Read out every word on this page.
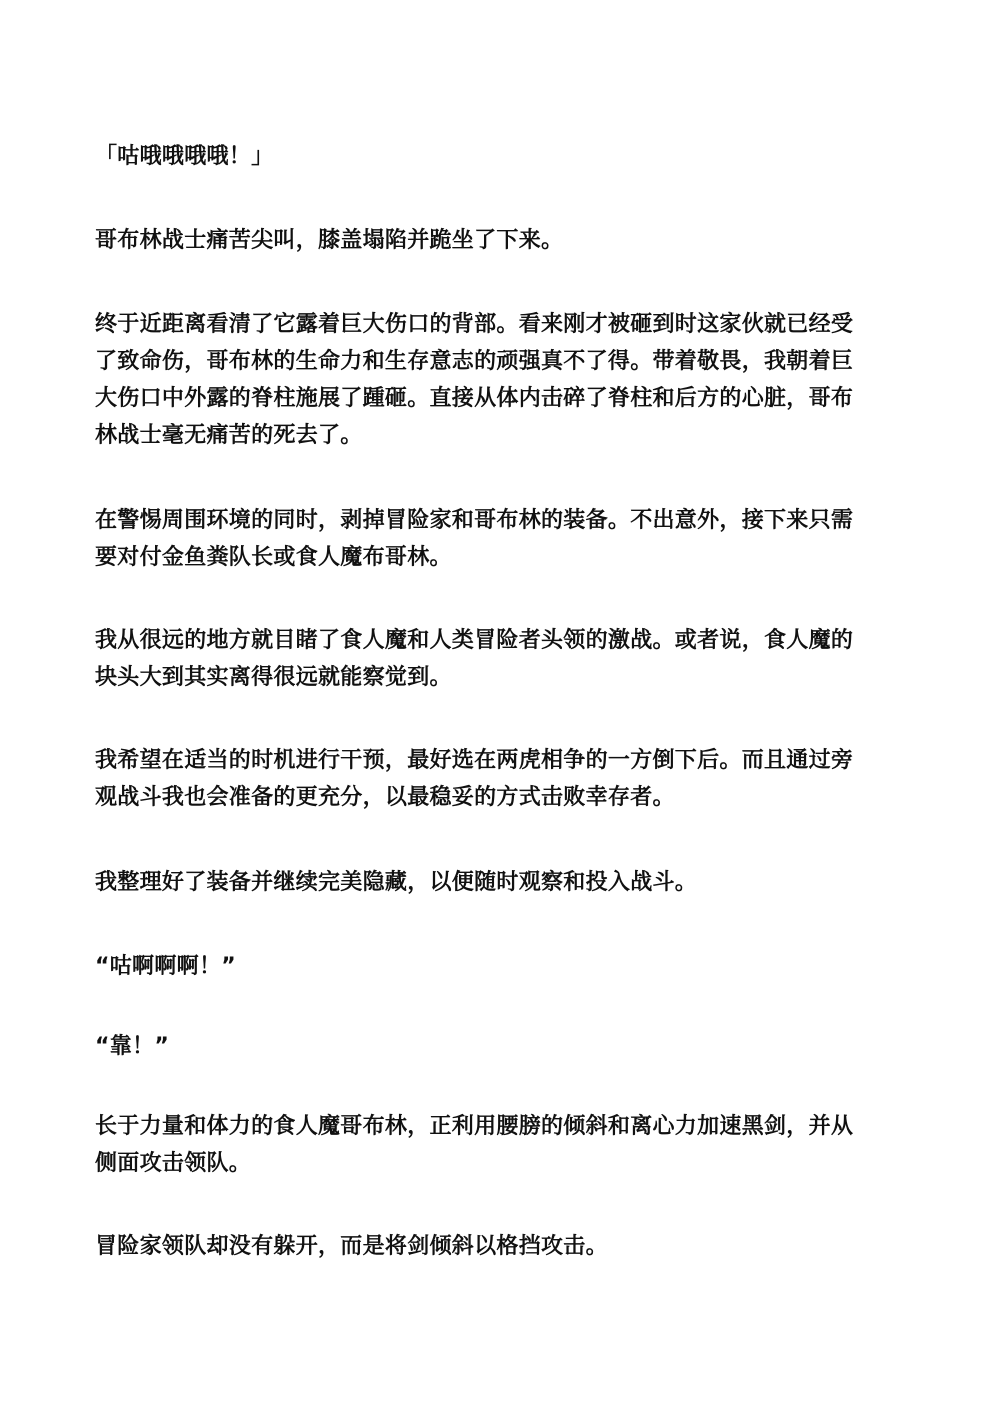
「咕哦哦哦哦！」
哥布林战士痛苦尖叫，膝盖塌陷并跪坐了下来。
终于近距离看清了它露着巨大伤口的背部。看来刚才被砸到时这家伙就已经受
了致命伤，哥布林的生命力和生存意志的顽强真不了得。带着敬畏，我朝着巨
大伤口中外露的脊柱施展了踵砸。直接从体内击碎了脊柱和后方的心脏，哥布
林战士毫无痛苦的死去了。
在警惕周围环境的同时，剥掉冒险家和哥布林的装备。不出意外，接下来只需
要对付金鱼粪队长或食人魔布哥林。
我从很远的地方就目睹了食人魔和人类冒险者头领的激战。或者说，食人魔的
块头大到其实离得很远就能察觉到。
我希望在适当的时机进行干预，最好选在两虎相争的一方倒下后。而且通过旁
观战斗我也会准备的更充分，以最稳妥的方式击败幸存者。
我整理好了装备并继续完美隐藏，以便随时观察和投入战斗。
“咕啊啊啊！”
“靠！”
长于力量和体力的食人魔哥布林，正利用腰膀的倾斜和离心力加速黑剑，并从
侧面攻击领队。
冒险家领队却没有躲开，而是将剑倾斜以格挡攻击。
